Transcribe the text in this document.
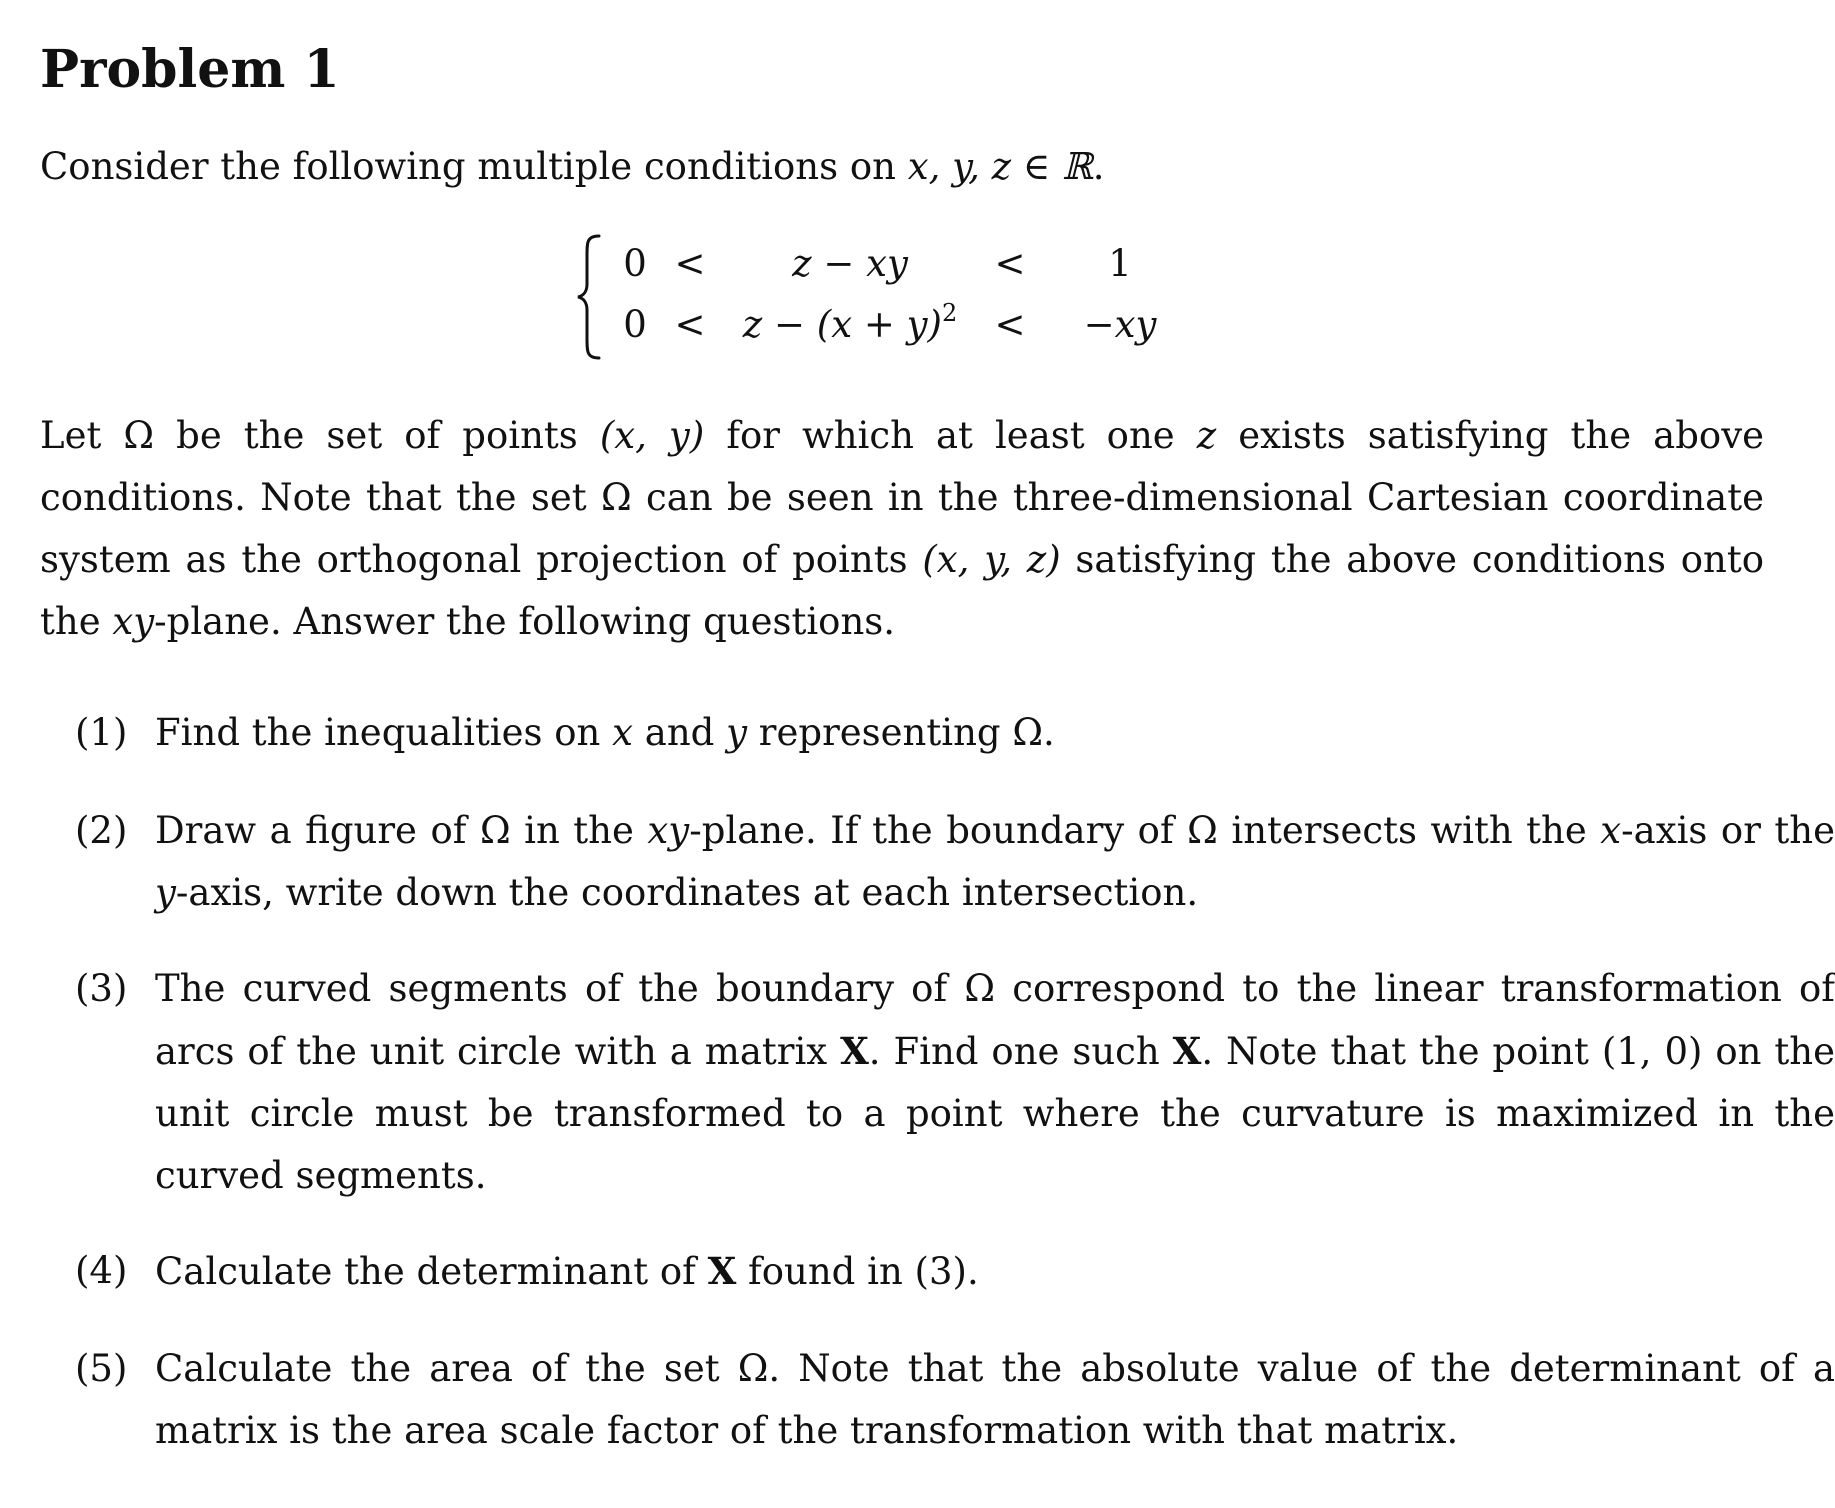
Problem 1

Consider the following multiple conditions on x, y, z ∈ ℝ.

0 <	z − xy	<	1
0 <	$z - (x + y)^2$	<	−xy

Let Ω be the set of points (x, y) for which at least one z exists satisfying the above conditions. Note that the set Ω can be seen in the three-dimensional Cartesian coordinate system as the orthogonal projection of points (x, y, z) satisfying the above conditions onto the xy-plane. Answer the following questions.

(1) Find the inequalities on x and y representing Ω.
(2) Draw a figure of Ω in the xy-plane. If the boundary of Ω intersects with the x-axis or the y-axis, write down the coordinates at each intersection.
(3) The curved segments of the boundary of Ω correspond to the linear transformation of arcs of the unit circle with a matrix X. Find one such X. Note that the point (1, 0) on the unit circle must be transformed to a point where the curvature is maximized in the curved segments.
(4) Calculate the determinant of X found in (3).
(5) Calculate the area of the set Ω. Note that the absolute value of the determinant of a matrix is the area scale factor of the transformation with that matrix.
